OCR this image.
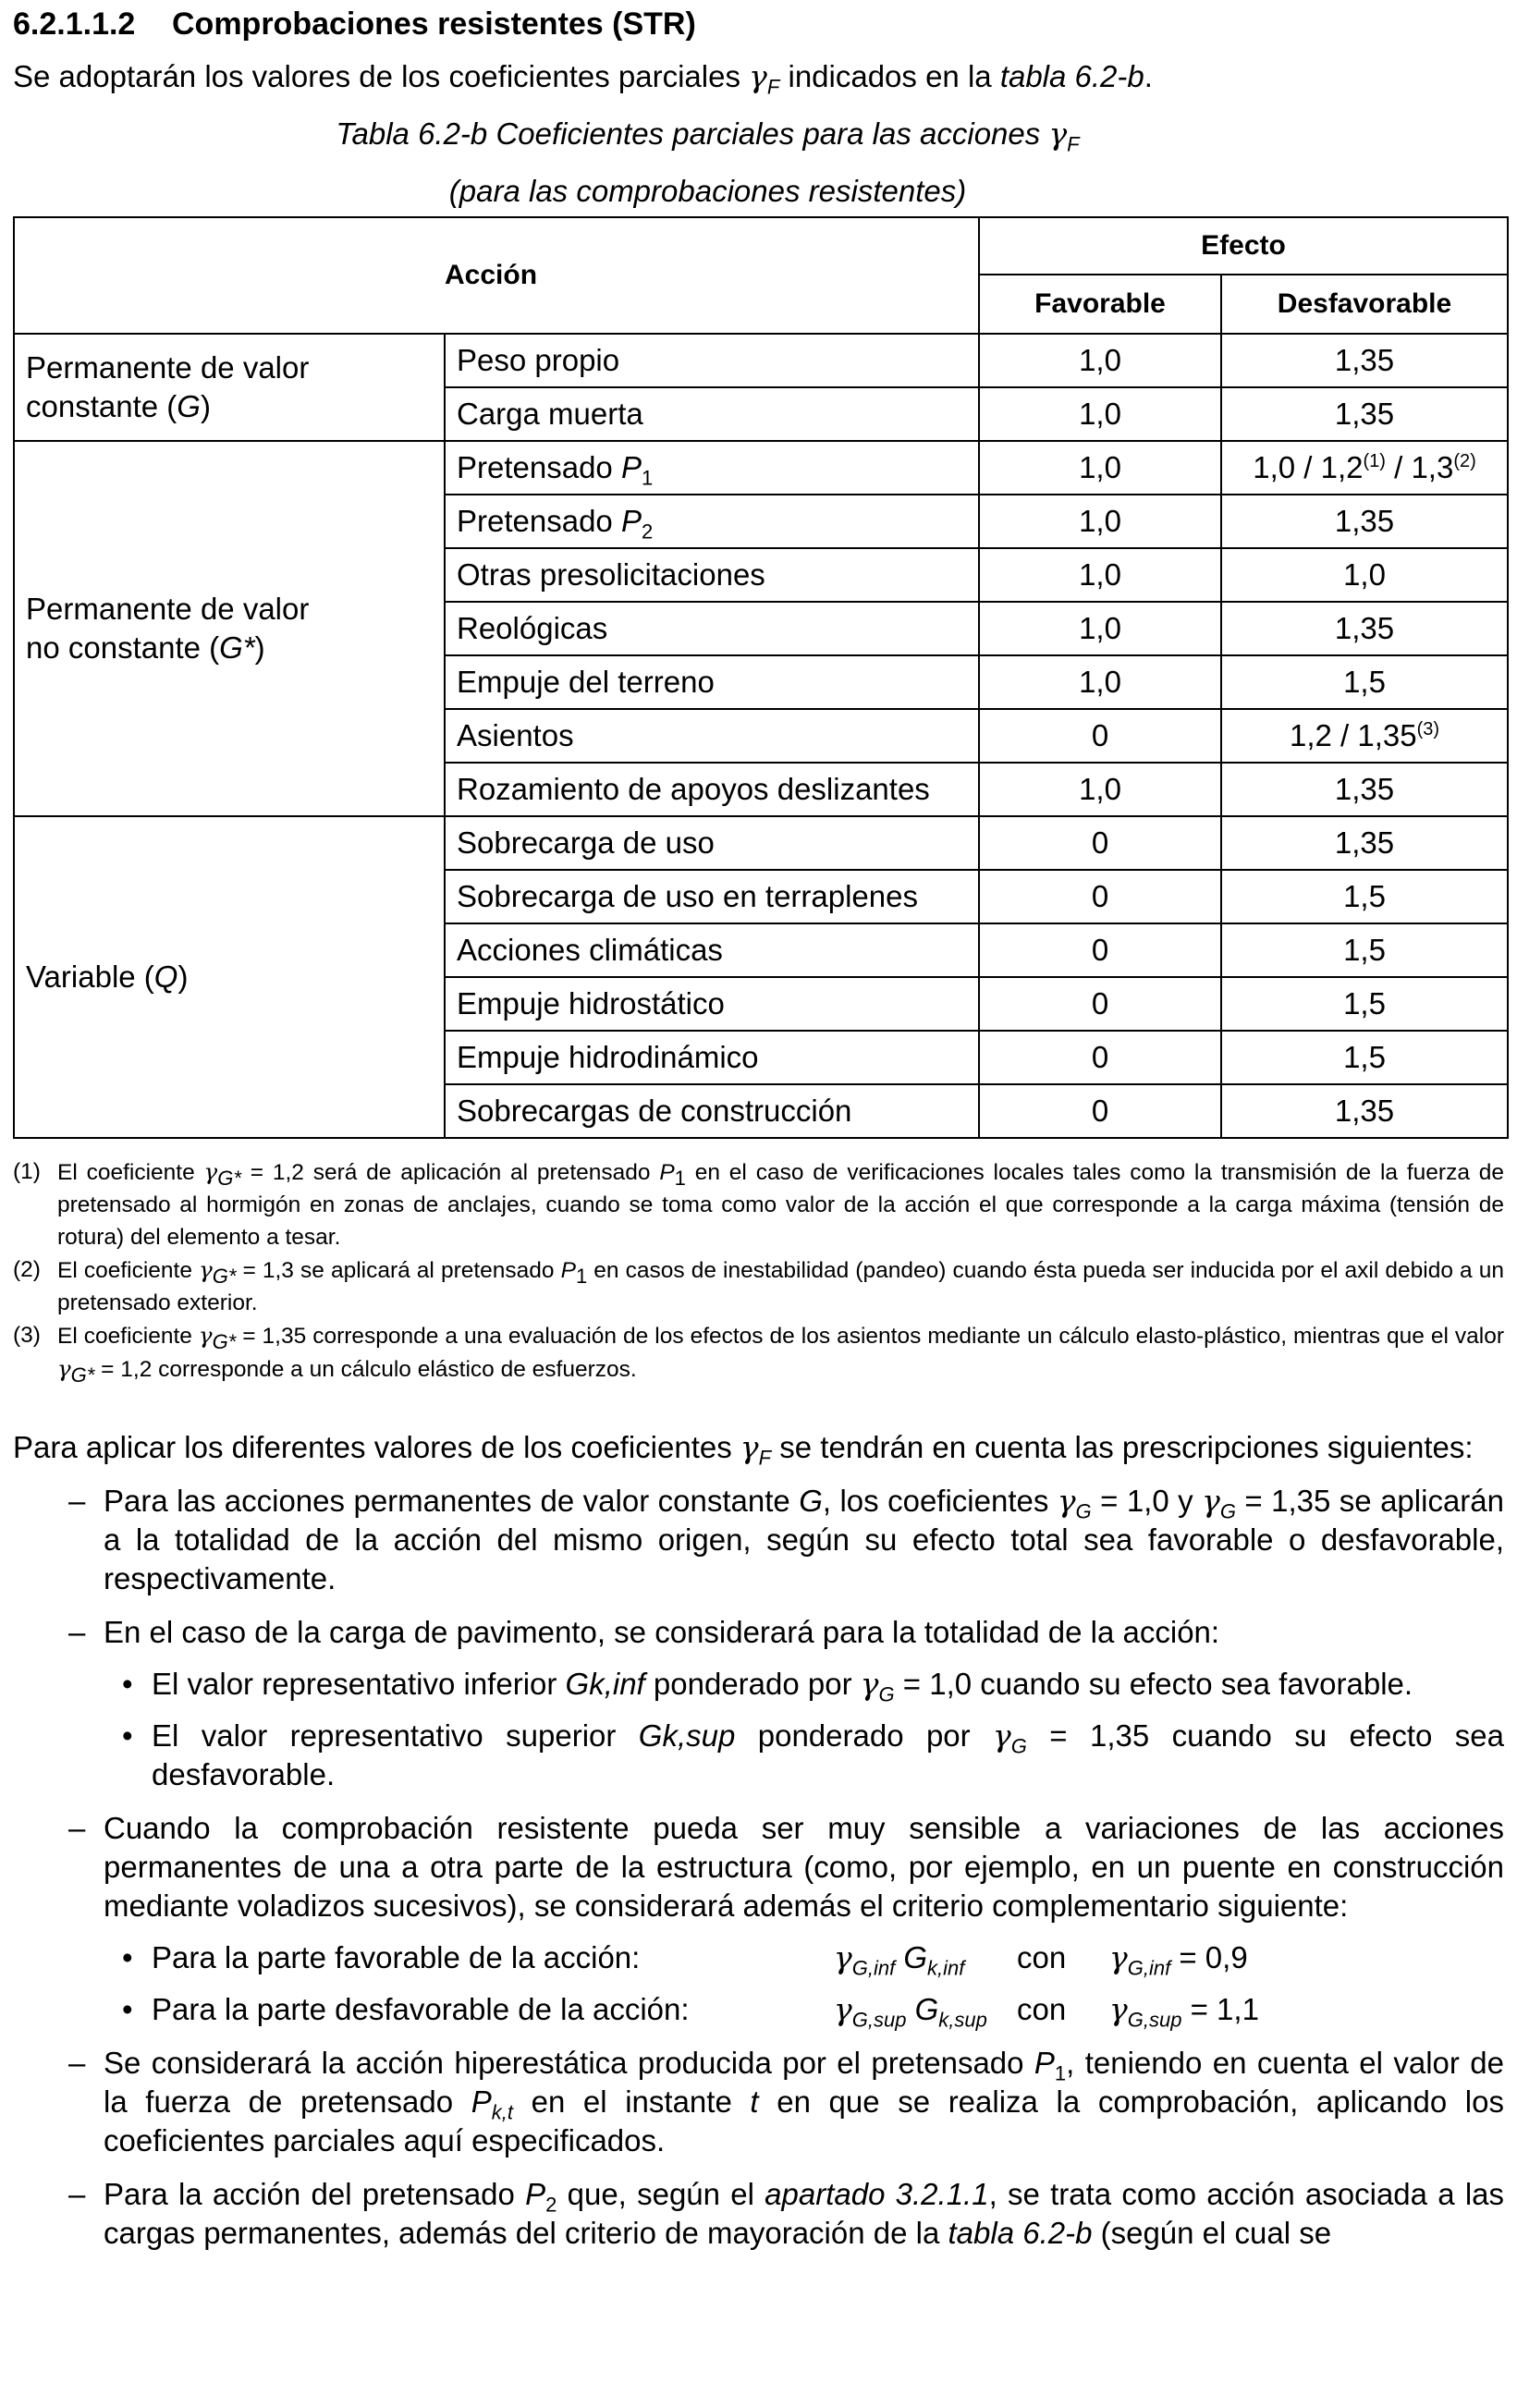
6.2.1.1.2 Comprobaciones resistentes (STR)

Se adoptarán los valores de los coeficientes parciales $\gamma_F$ indicados en la tabla 6.2-b.

Tabla 6.2-b Coeficientes parciales para las acciones $\gamma_F$
(para las comprobaciones resistentes)
Acción		Efecto	
		Favorable	Desfavorable
Permanente de valor
constante (G)	Peso propio	1,0	1,35
	Carga muerta	1,0	1,35
Permanente de valor
no constante (G*)	Pretensado $P_1$	1,0	1,0 / 1,2$^{(1)}$ / 1,3$^{(2)}$
	Pretensado $P_2$	1,0	1,35
	Otras presolicitaciones	1,0	1,0
	Reológicas	1,0	1,35
	Empuje del terreno	1,0	1,5
	Asientos	0	1,2 / 1,35$^{(3)}$
	Rozamiento de apoyos deslizantes	1,0	1,35
Variable (Q)	Sobrecarga de uso	0	1,35
	Sobrecarga de uso en terraplenes	0	1,5
	Acciones climáticas	0	1,5
	Empuje hidrostático	0	1,5
	Empuje hidrodinámico	0	1,5
	Sobrecargas de construcción	0	1,35
(1) El coeficiente $\gamma_{G*} = 1,2$ será de aplicación al pretensado $P_1$ en el caso de verificaciones locales tales como la transmisión de la fuerza de pretensado al hormigón en zonas de anclajes, cuando se toma como valor de la acción el que corresponde a la carga máxima (tensión de rotura) del elemento a tesar.
(2) El coeficiente $\gamma_{G*} = 1,3$ se aplicará al pretensado $P_1$ en casos de inestabilidad (pandeo) cuando ésta pueda ser inducida por el axil debido a un pretensado exterior.
(3) El coeficiente $\gamma_{G*} = 1,35$ corresponde a una evaluación de los efectos de los asientos mediante un cálculo elasto-plástico, mientras que el valor $\gamma_{G*} = 1,2$ corresponde a un cálculo elástico de esfuerzos.

Para aplicar los diferentes valores de los coeficientes $\gamma_F$ se tendrán en cuenta las prescripciones siguientes:

– Para las acciones permanentes de valor constante G, los coeficientes $\gamma_G = 1,0$ y $\gamma_G = 1,35$ se aplicarán a la totalidad de la acción del mismo origen, según su efecto total sea favorable o desfavorable, respectivamente.
– En el caso de la carga de pavimento, se considerará para la totalidad de la acción:
• El valor representativo inferior Gk,inf ponderado por $\gamma_G = 1,0$ cuando su efecto sea favorable.
• El valor representativo superior Gk,sup ponderado por $\gamma_G = 1,35$ cuando su efecto sea desfavorable.
– Cuando la comprobación resistente pueda ser muy sensible a variaciones de las acciones permanentes de una a otra parte de la estructura (como, por ejemplo, en un puente en construcción mediante voladizos sucesivos), se considerará además el criterio complementario siguiente:
• Para la parte favorable de la acción:	$\gamma_{G,inf}$ $G_{k,inf}$	con	$\gamma_{G,inf} = 0,9$
• Para la parte desfavorable de la acción:	$\gamma_{G,sup}$ $G_{k,sup}$ con	$\gamma_{G,sup} = 1,1$
– Se considerará la acción hiperestática producida por el pretensado $P_1$, teniendo en cuenta el valor de la fuerza de pretensado $P_{k,t}$ en el instante t en que se realiza la comprobación, aplicando los coeficientes parciales aquí especificados.
– Para la acción del pretensado $P_2$ que, según el apartado 3.2.1.1, se trata como acción asociada a las cargas permanentes, además del criterio de mayoración de la tabla 6.2-b (según el cual se
